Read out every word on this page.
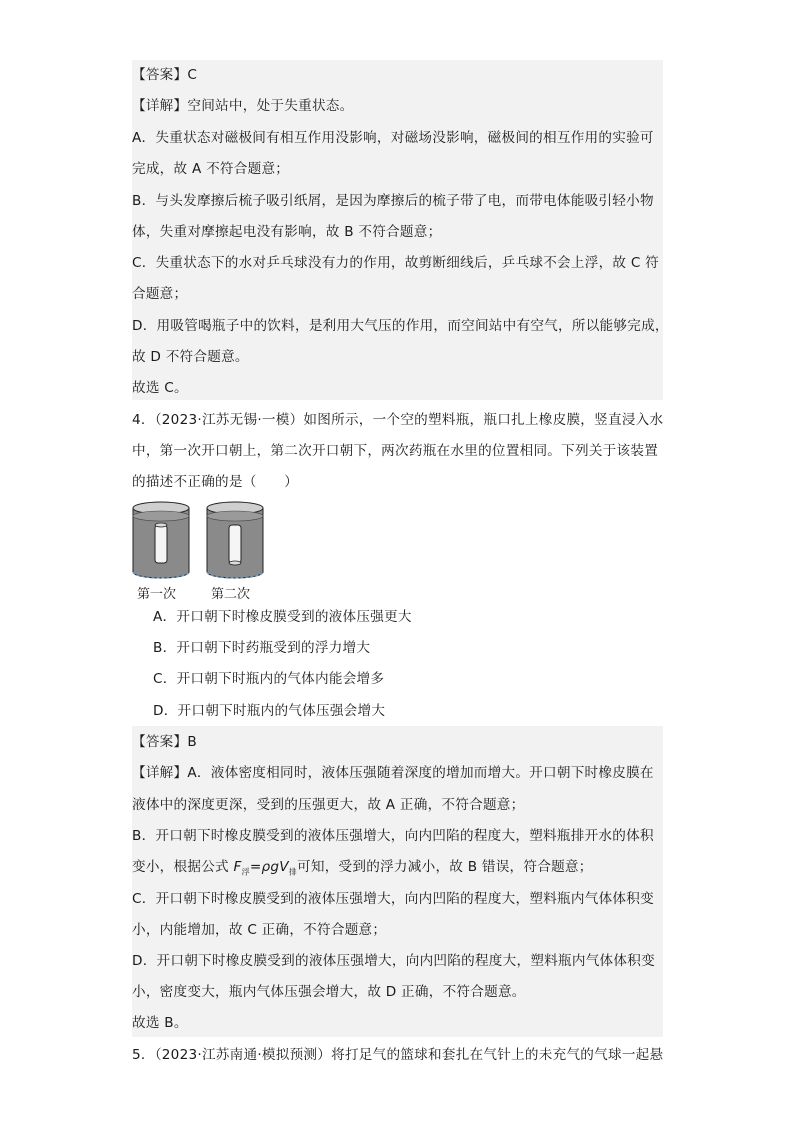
【答案】C
【详解】空间站中，处于失重状态。
A．失重状态对磁极间有相互作用没影响，对磁场没影响，磁极间的相互作用的实验可
完成，故 A 不符合题意；
B．与头发摩擦后梳子吸引纸屑，是因为摩擦后的梳子带了电，而带电体能吸引轻小物
体，失重对摩擦起电没有影响，故 B 不符合题意；
C．失重状态下的水对乒乓球没有力的作用，故剪断细线后，乒乓球不会上浮，故 C 符
合题意；
D．用吸管喝瓶子中的饮料，是利用大气压的作用，而空间站中有空气，所以能够完成，
故 D 不符合题意。
故选 C。
4．（2023·江苏无锡·一模）如图所示，一个空的塑料瓶，瓶口扎上橡皮膜，竖直浸入水
中，第一次开口朝上，第二次开口朝下，两次药瓶在水里的位置相同。下列关于该装置
的描述不正确的是（　　）
第一次	第二次
A．开口朝下时橡皮膜受到的液体压强更大
B．开口朝下时药瓶受到的浮力增大
C．开口朝下时瓶内的气体内能会增多
D．开口朝下时瓶内的气体压强会增大
【答案】B
【详解】A．液体密度相同时，液体压强随着深度的增加而增大。开口朝下时橡皮膜在
液体中的深度更深，受到的压强更大，故 A 正确，不符合题意；
B．开口朝下时橡皮膜受到的液体压强增大，向内凹陷的程度大，塑料瓶排开水的体积
变小，根据公式 $F_浮=\rho gV_排$可知，受到的浮力减小，故 B 错误，符合题意；
C．开口朝下时橡皮膜受到的液体压强增大，向内凹陷的程度大，塑料瓶内气体体积变
小，内能增加，故 C 正确，不符合题意；
D．开口朝下时橡皮膜受到的液体压强增大，向内凹陷的程度大，塑料瓶内气体体积变
小，密度变大，瓶内气体压强会增大，故 D 正确，不符合题意。
故选 B。
5．（2023·江苏南通·模拟预测）将打足气的篮球和套扎在气针上的未充气的气球一起悬
